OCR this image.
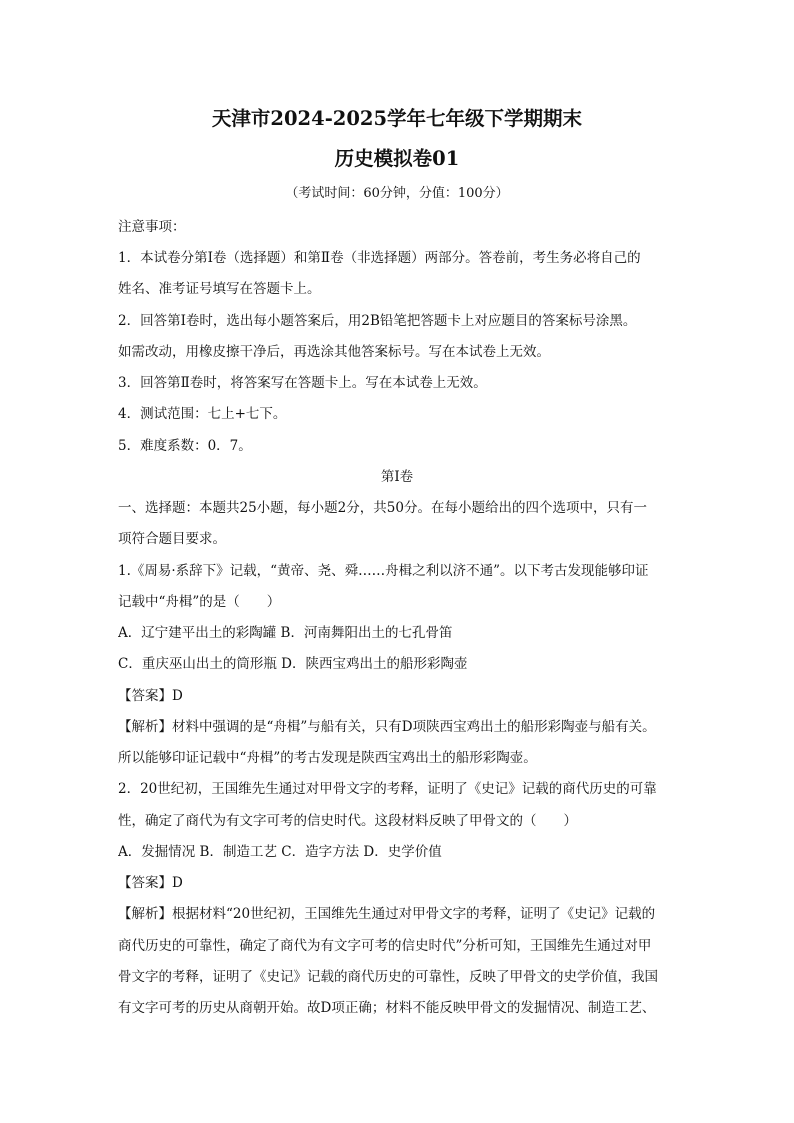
天津市2024-2025学年七年级下学期期末
历史模拟卷01
（考试时间：60分钟，分值：100分）
注意事项：
1．本试卷分第Ⅰ卷（选择题）和第Ⅱ卷（非选择题）两部分。答卷前，考生务必将自己的
姓名、准考证号填写在答题卡上。
2．回答第Ⅰ卷时，选出每小题答案后，用2B铅笔把答题卡上对应题目的答案标号涂黑。
如需改动，用橡皮擦干净后，再选涂其他答案标号。写在本试卷上无效。
3．回答第Ⅱ卷时，将答案写在答题卡上。写在本试卷上无效。
4．测试范围：七上+七下。
5．难度系数：0．7。
第Ⅰ卷
一、选择题：本题共25小题，每小题2分，共50分。在每小题给出的四个选项中，只有一
项符合题目要求。
1.《周易·系辞下》记载，“黄帝、尧、舜……舟楫之利以济不通”。以下考古发现能够印证
记载中“舟楫”的是（　　）
A．辽宁建平出土的彩陶罐 B．河南舞阳出土的七孔骨笛
C．重庆巫山出土的筒形瓶 D．陕西宝鸡出土的船形彩陶壶
【答案】D
【解析】材料中强调的是“舟楫”与船有关，只有D项陕西宝鸡出土的船形彩陶壶与船有关。
所以能够印证记载中“舟楫”的考古发现是陕西宝鸡出土的船形彩陶壶。
2．20世纪初，王国维先生通过对甲骨文字的考释，证明了《史记》记载的商代历史的可靠
性，确定了商代为有文字可考的信史时代。这段材料反映了甲骨文的（　　）
A．发掘情况 B．制造工艺 C．造字方法 D．史学价值
【答案】D
【解析】根据材料“20世纪初，王国维先生通过对甲骨文字的考释，证明了《史记》记载的
商代历史的可靠性，确定了商代为有文字可考的信史时代”分析可知，王国维先生通过对甲
骨文字的考释，证明了《史记》记载的商代历史的可靠性，反映了甲骨文的史学价值，我国
有文字可考的历史从商朝开始。故D项正确；材料不能反映甲骨文的发掘情况、制造工艺、
